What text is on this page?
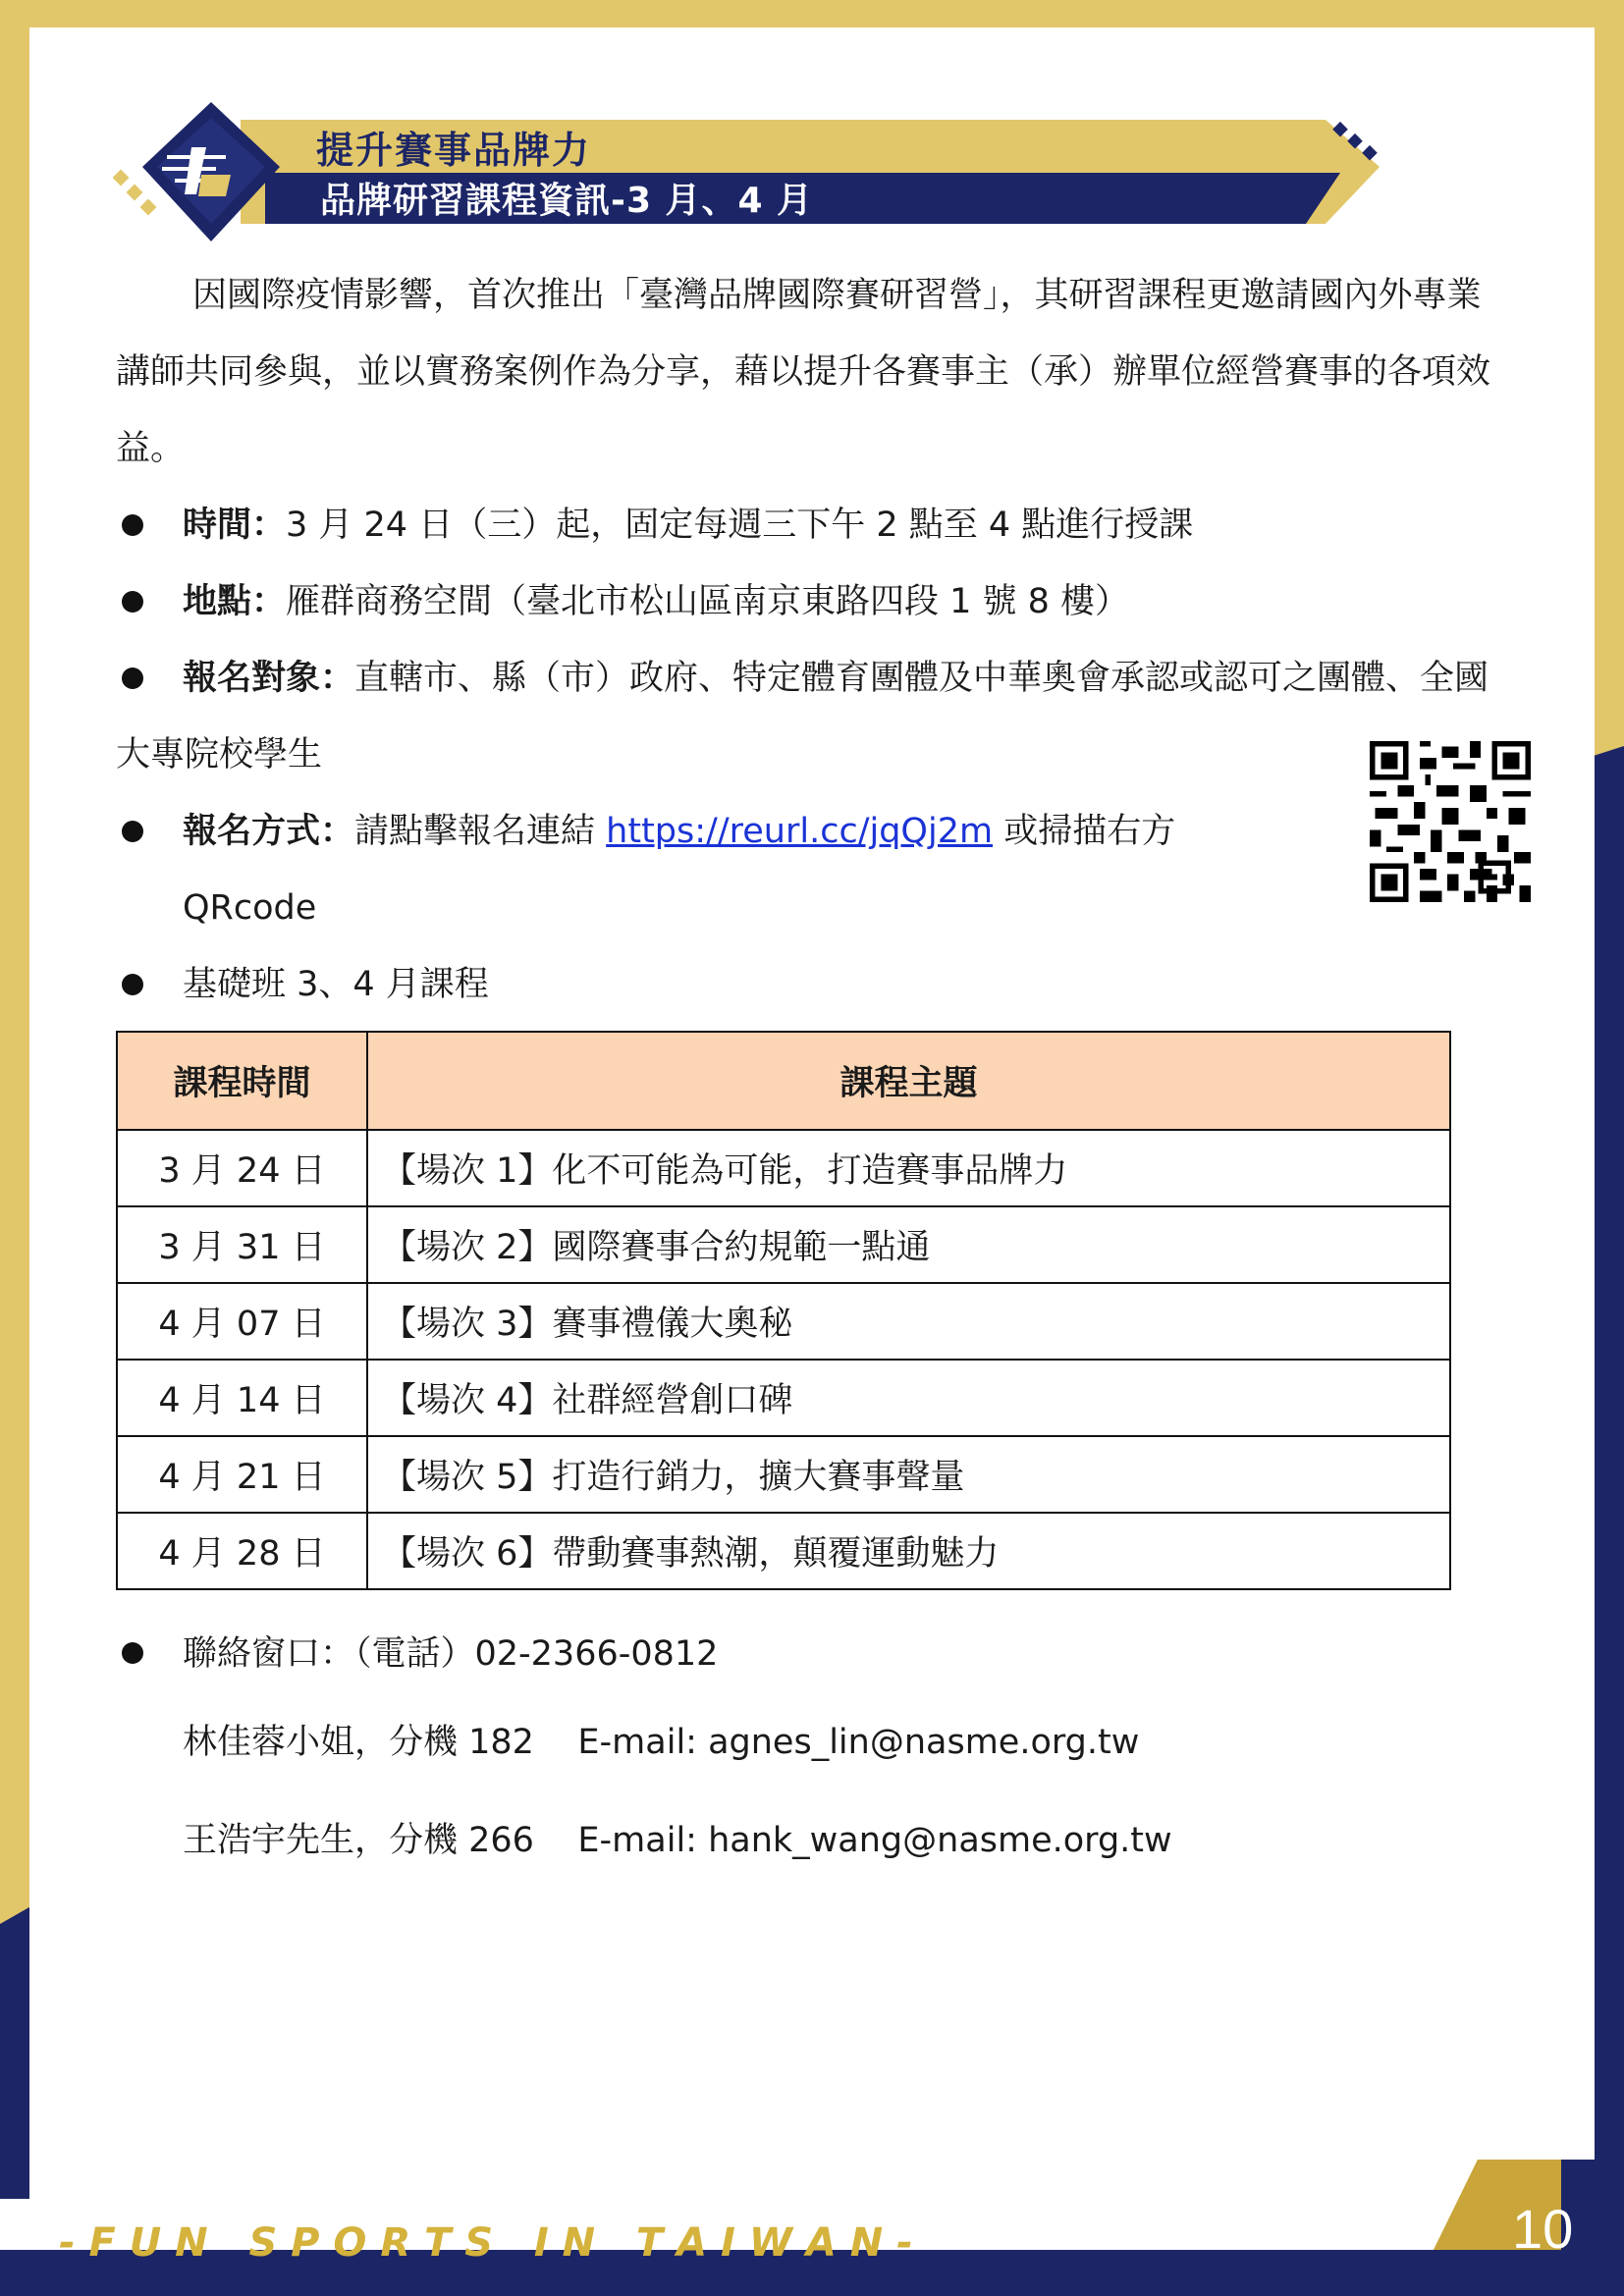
提升賽事品牌力
品牌研習課程資訊-3 月、4 月

因國際疫情影響，首次推出「臺灣品牌國際賽研習營」，其研習課程更邀請國內外專業講師共同參與，並以實務案例作為分享，藉以提升各賽事主（承）辦單位經營賽事的各項效益。

時間：3 月 24 日（三）起，固定每週三下午 2 點至 4 點進行授課

地點：雁群商務空間（臺北市松山區南京東路四段 1 號 8 樓）

報名對象：直轄市、縣（市）政府、特定體育團體及中華奧會承認或認可之團體、全國大專院校學生

報名方式：請點擊報名連結 https://reurl.cc/jqQj2m 或掃描右方
QRcode

基礎班 3、4 月課程

課程時間	課程主題
3 月 24 日	【場次 1】化不可能為可能，打造賽事品牌力
3 月 31 日	【場次 2】國際賽事合約規範一點通
4 月 07 日	【場次 3】賽事禮儀大奧秘
4 月 14 日	【場次 4】社群經營創口碑
4 月 21 日	【場次 5】打造行銷力，擴大賽事聲量
4 月 28 日	【場次 6】帶動賽事熱潮，顛覆運動魅力

聯絡窗口：（電話）02-2366-0812

林佳蓉小姐，分機 182    E-mail: agnes_lin@nasme.org.tw
王浩宇先生，分機 266    E-mail: hank_wang@nasme.org.tw
- F U N   S P O R T S   I N   T A I W A N -	10
